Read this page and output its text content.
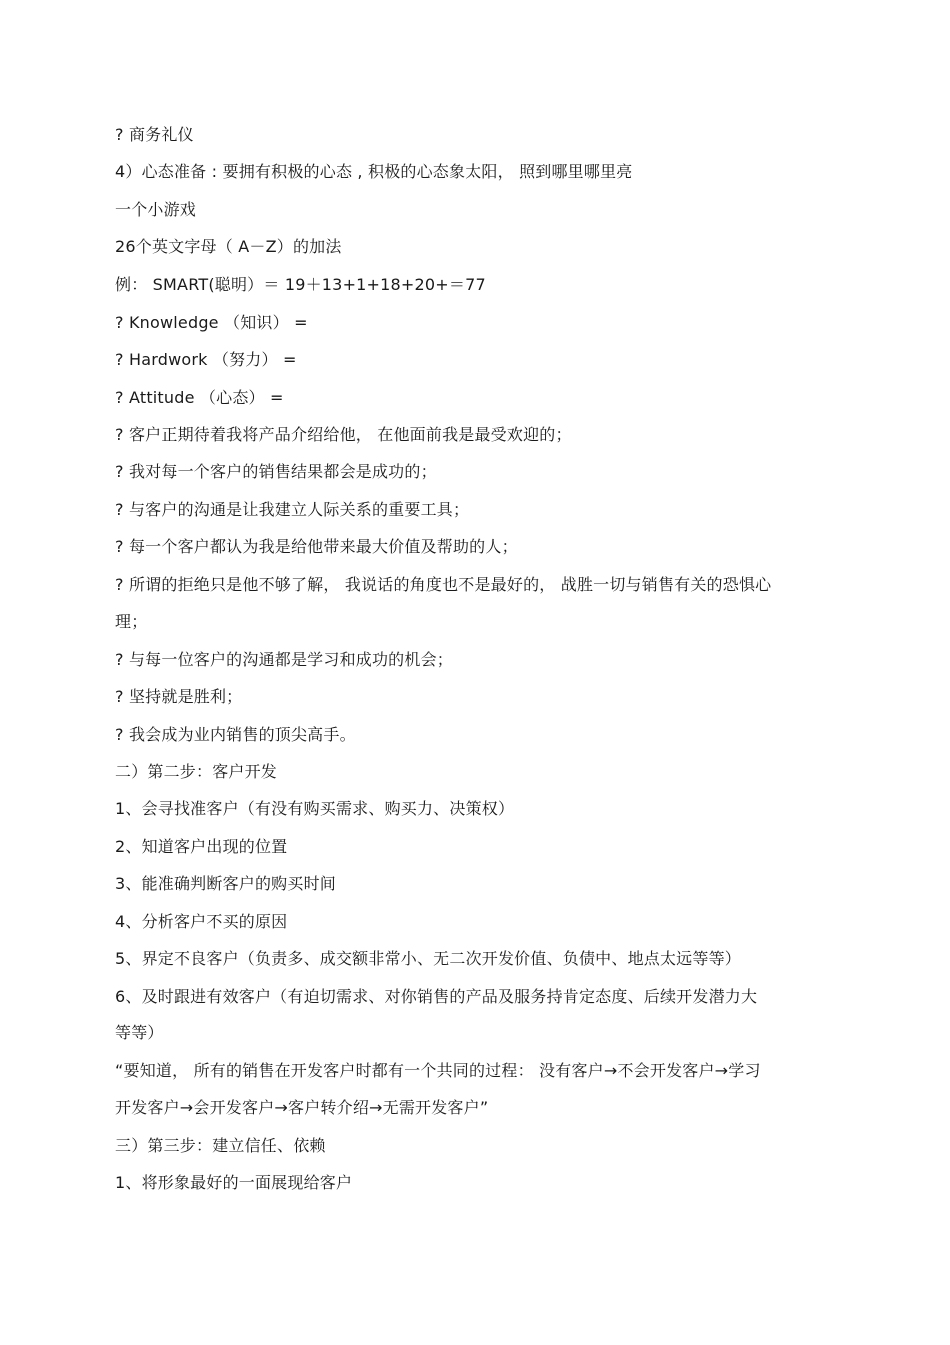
? 商务礼仪
4）心态准备 : 要拥有积极的心态 , 积极的心态象太阳， 照到哪里哪里亮
一个小游戏
26个英文字母（ A－Z）的加法
例： SMART(聪明）＝ 19＋13+1+18+20+＝77
? Knowledge （知识） =
? Hardwork （努力） =
? Attitude （心态） =
? 客户正期待着我将产品介绍给他， 在他面前我是最受欢迎的；
? 我对每一个客户的销售结果都会是成功的；
? 与客户的沟通是让我建立人际关系的重要工具；
? 每一个客户都认为我是给他带来最大价值及帮助的人；
? 所谓的拒绝只是他不够了解， 我说话的角度也不是最好的， 战胜一切与销售有关的恐惧心
理；
? 与每一位客户的沟通都是学习和成功的机会；
? 坚持就是胜利；
? 我会成为业内销售的顶尖高手。
二）第二步：客户开发
1、会寻找准客户（有没有购买需求、购买力、决策权）
2、知道客户出现的位置
3、能准确判断客户的购买时间
4、分析客户不买的原因
5、界定不良客户（负责多、成交额非常小、无二次开发价值、负债中、地点太远等等）
6、及时跟进有效客户（有迫切需求、对你销售的产品及服务持肯定态度、后续开发潜力大
等等）
“要知道， 所有的销售在开发客户时都有一个共同的过程： 没有客户→不会开发客户→学习
开发客户→会开发客户→客户转介绍→无需开发客户”
三）第三步：建立信任、依赖
1、将形象最好的一面展现给客户
